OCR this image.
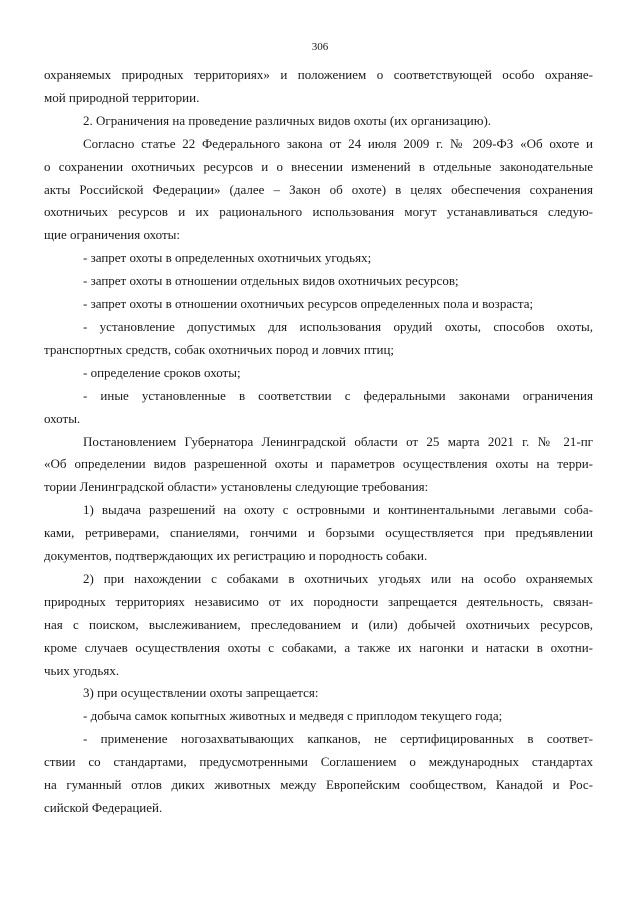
306
охраняемых природных территориях» и положением о соответствующей особо охраняе-
мой природной территории.
2. Ограничения на проведение различных видов охоты (их организацию).
Согласно статье 22 Федерального закона от 24 июля 2009 г. № 209-ФЗ «Об охоте и
о сохранении охотничьих ресурсов и о внесении изменений в отдельные законодательные
акты Российской Федерации» (далее – Закон об охоте) в целях обеспечения сохранения
охотничьих ресурсов и их рационального использования могут устанавливаться следую-
щие ограничения охоты:
- запрет охоты в определенных охотничьих угодьях;
- запрет охоты в отношении отдельных видов охотничьих ресурсов;
- запрет охоты в отношении охотничьих ресурсов определенных пола и возраста;
- установление допустимых для использования орудий охоты, способов охоты,
транспортных средств, собак охотничьих пород и ловчих птиц;
- определение сроков охоты;
- иные установленные в соответствии с федеральными законами ограничения
охоты.
Постановлением Губернатора Ленинградской области от 25 марта 2021 г. № 21-пг
«Об определении видов разрешенной охоты и параметров осуществления охоты на терри-
тории Ленинградской области» установлены следующие требования:
1) выдача разрешений на охоту с островными и континентальными легавыми соба-
ками, ретриверами, спаниелями, гончими и борзыми осуществляется при предъявлении
документов, подтверждающих их регистрацию и породность собаки.
2) при нахождении с собаками в охотничьих угодьях или на особо охраняемых
природных территориях независимо от их породности запрещается деятельность, связан-
ная с поиском, выслеживанием, преследованием и (или) добычей охотничьих ресурсов,
кроме случаев осуществления охоты с собаками, а также их нагонки и натаски в охотни-
чьих угодьях.
3) при осуществлении охоты запрещается:
- добыча самок копытных животных и медведя с приплодом текущего года;
- применение ногозахватывающих капканов, не сертифицированных в соответ-
ствии со стандартами, предусмотренными Соглашением о международных стандартах
на гуманный отлов диких животных между Европейским сообществом, Канадой и Рос-
сийской Федерацией.
